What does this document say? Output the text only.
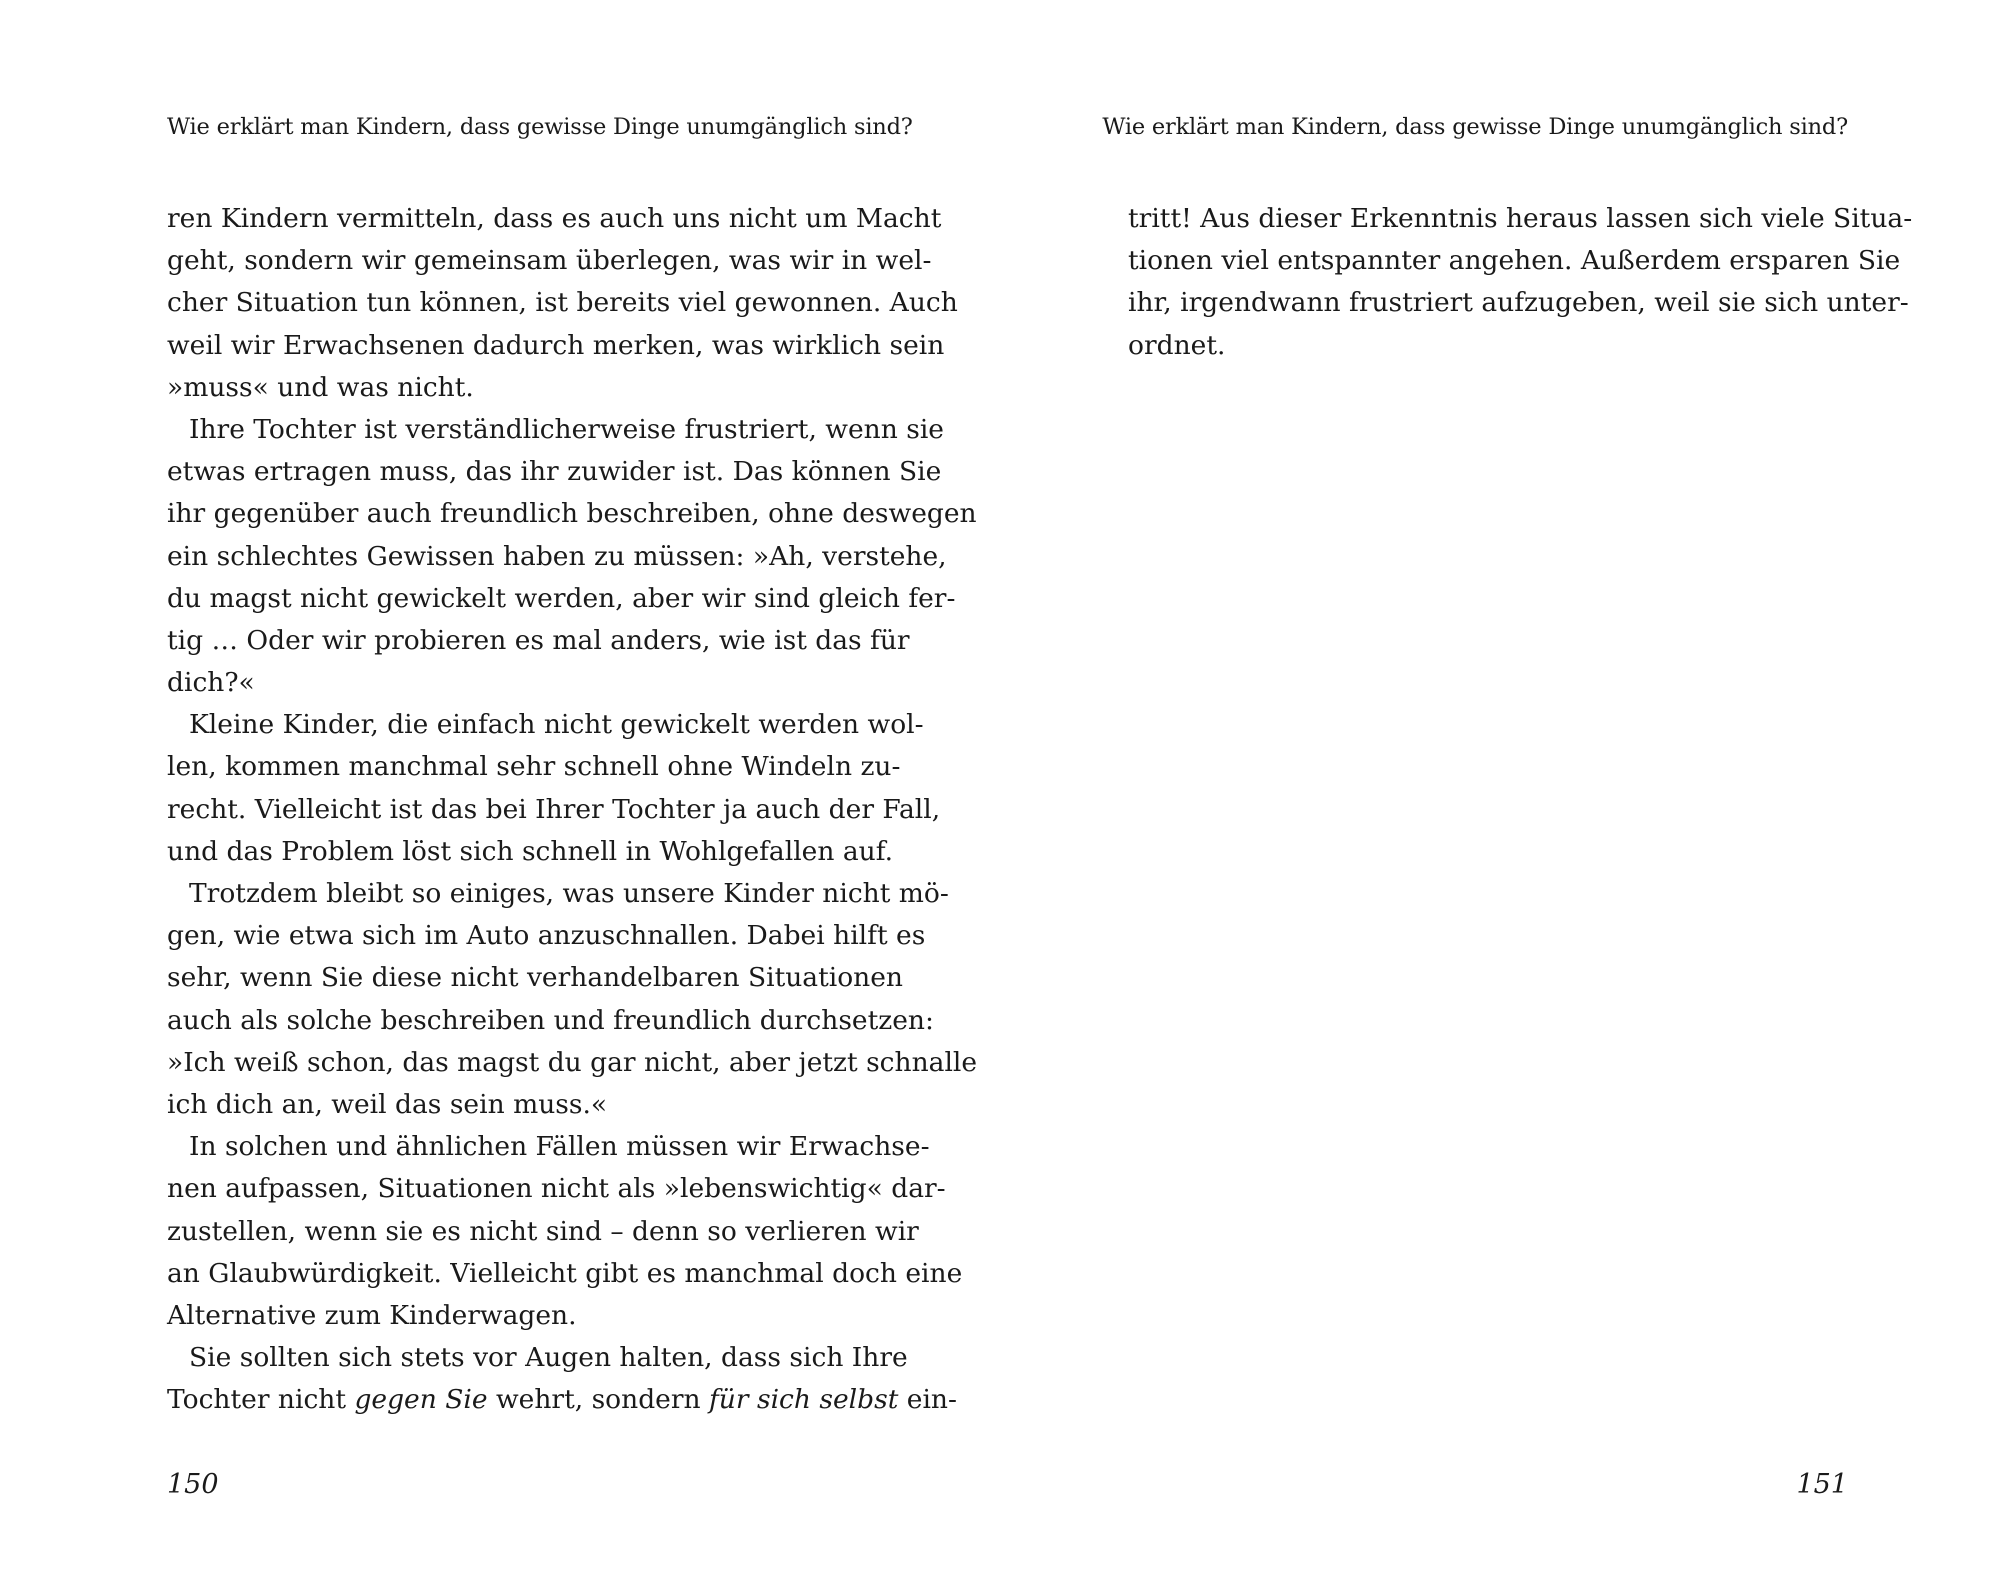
Wie erklärt man Kindern, dass gewisse Dinge unumgänglich sind?
ren Kindern vermitteln, dass es auch uns nicht um Macht
geht, sondern wir gemeinsam überlegen, was wir in wel-
cher Situation tun können, ist bereits viel gewonnen. Auch
weil wir Erwachsenen dadurch merken, was wirklich sein
»muss« und was nicht.
Ihre Tochter ist verständlicherweise frustriert, wenn sie
etwas ertragen muss, das ihr zuwider ist. Das können Sie
ihr gegenüber auch freundlich beschreiben, ohne deswegen
ein schlechtes Gewissen haben zu müssen: »Ah, verstehe,
du magst nicht gewickelt werden, aber wir sind gleich fer-
tig … Oder wir probieren es mal anders, wie ist das für
dich?«
Kleine Kinder, die einfach nicht gewickelt werden wol-
len, kommen manchmal sehr schnell ohne Windeln zu-
recht. Vielleicht ist das bei Ihrer Tochter ja auch der Fall,
und das Problem löst sich schnell in Wohlgefallen auf.
Trotzdem bleibt so einiges, was unsere Kinder nicht mö-
gen, wie etwa sich im Auto anzuschnallen. Dabei hilft es
sehr, wenn Sie diese nicht verhandelbaren Situationen
auch als solche beschreiben und freundlich durchsetzen:
»Ich weiß schon, das magst du gar nicht, aber jetzt schnalle
ich dich an, weil das sein muss.«
In solchen und ähnlichen Fällen müssen wir Erwachse-
nen aufpassen, Situationen nicht als »lebenswichtig« dar-
zustellen, wenn sie es nicht sind – denn so verlieren wir
an Glaubwürdigkeit. Vielleicht gibt es manchmal doch eine
Alternative zum Kinderwagen.
Sie sollten sich stets vor Augen halten, dass sich Ihre
Tochter nicht gegen Sie wehrt, sondern für sich selbst ein-
150
Wie erklärt man Kindern, dass gewisse Dinge unumgänglich sind?
tritt! Aus dieser Erkenntnis heraus lassen sich viele Situa-
tionen viel entspannter angehen. Außerdem ersparen Sie
ihr, irgendwann frustriert aufzugeben, weil sie sich unter-
ordnet.
151
